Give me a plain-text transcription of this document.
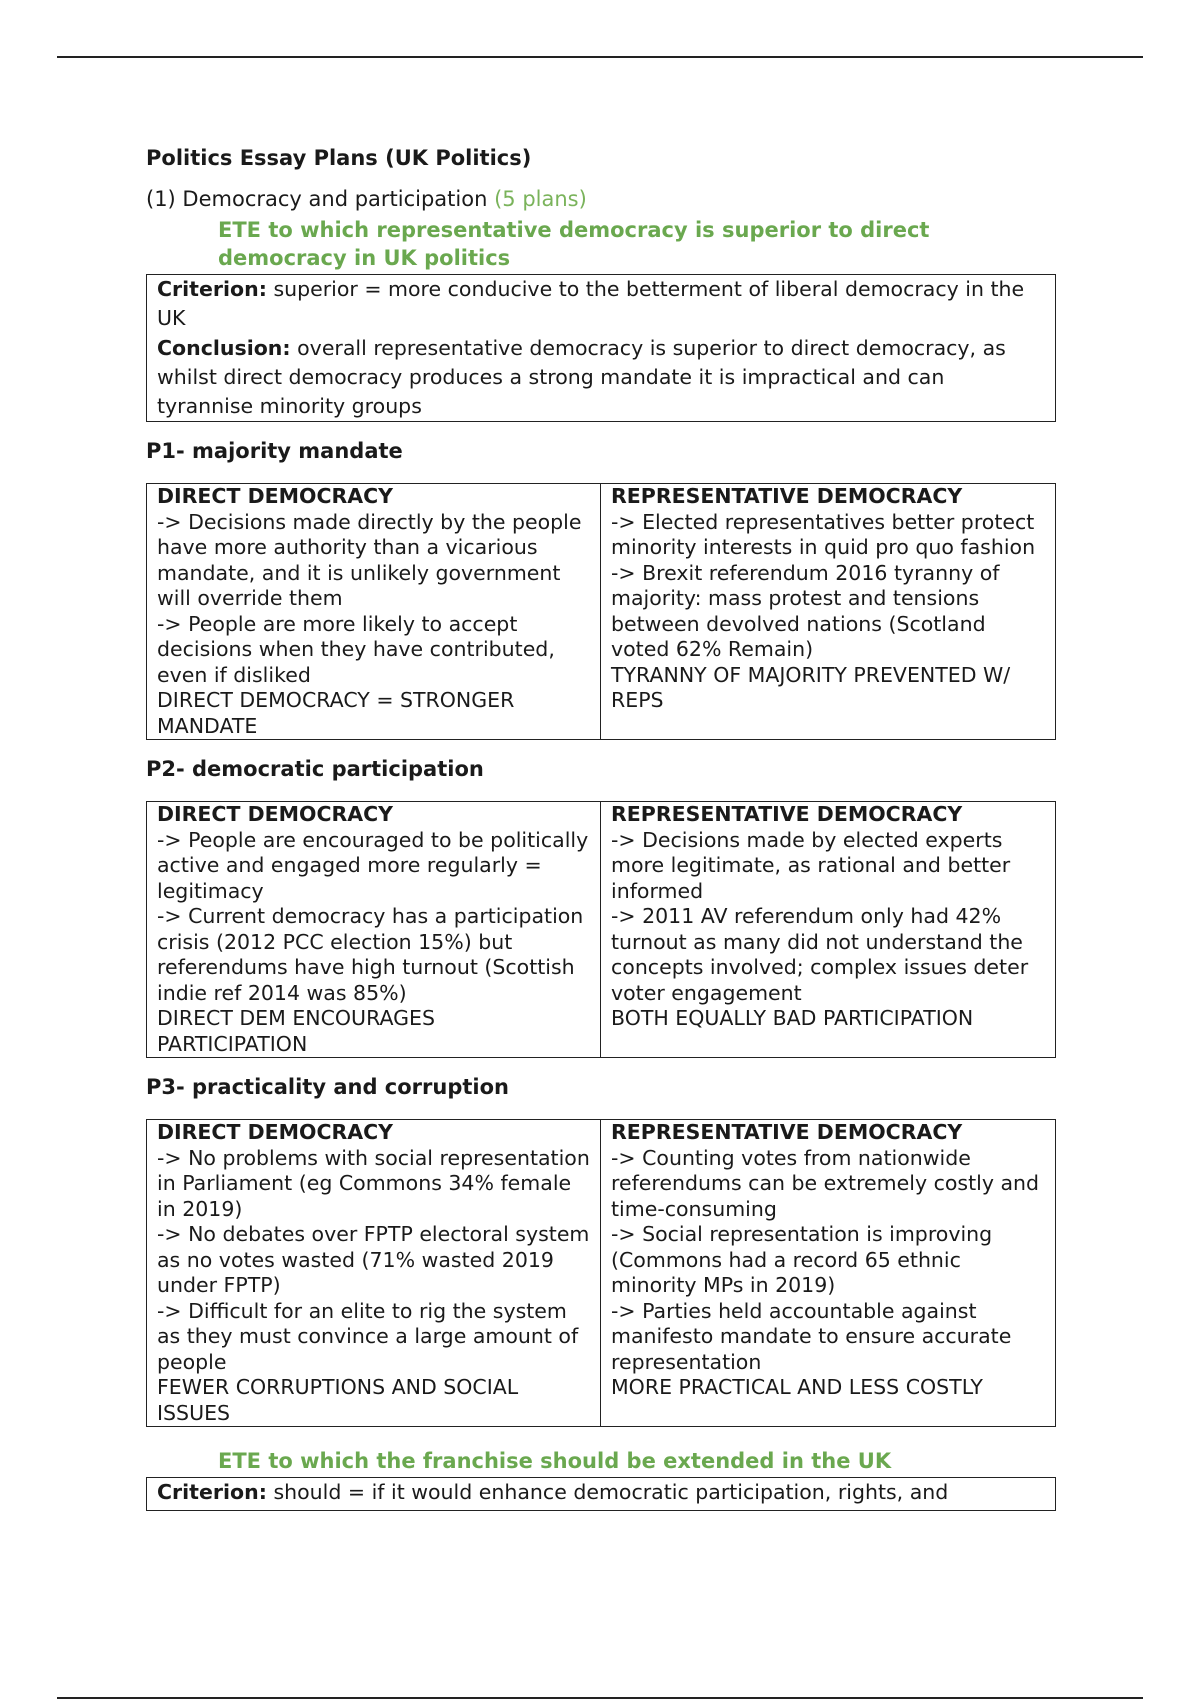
Politics Essay Plans (UK Politics)

(1) Democracy and participation (5 plans)

ETE to which representative democracy is superior to direct democracy in UK politics

Criterion: superior = more conducive to the betterment of liberal democracy in the UK

Conclusion: overall representative democracy is superior to direct democracy, as whilst direct democracy produces a strong mandate it is impractical and can tyrannise minority groups

P1- majority mandate

DIRECT DEMOCRACY
-> Decisions made directly by the people have more authority than a vicarious mandate, and it is unlikely government will override them
-> People are more likely to accept decisions when they have contributed, even if disliked
DIRECT DEMOCRACY = STRONGER MANDATE
REPRESENTATIVE DEMOCRACY
-> Elected representatives better protect minority interests in quid pro quo fashion
-> Brexit referendum 2016 tyranny of majority: mass protest and tensions between devolved nations (Scotland voted 62% Remain)
TYRANNY OF MAJORITY PREVENTED W/ REPS

P2- democratic participation

DIRECT DEMOCRACY
-> People are encouraged to be politically active and engaged more regularly = legitimacy
-> Current democracy has a participation crisis (2012 PCC election 15%) but referendums have high turnout (Scottish indie ref 2014 was 85%)
DIRECT DEM ENCOURAGES PARTICIPATION
REPRESENTATIVE DEMOCRACY
-> Decisions made by elected experts more legitimate, as rational and better informed
-> 2011 AV referendum only had 42% turnout as many did not understand the concepts involved; complex issues deter voter engagement
BOTH EQUALLY BAD PARTICIPATION

P3- practicality and corruption

DIRECT DEMOCRACY
-> No problems with social representation in Parliament (eg Commons 34% female in 2019)
-> No debates over FPTP electoral system as no votes wasted (71% wasted 2019 under FPTP)
-> Difficult for an elite to rig the system as they must convince a large amount of people
FEWER CORRUPTIONS AND SOCIAL ISSUES
REPRESENTATIVE DEMOCRACY
-> Counting votes from nationwide referendums can be extremely costly and time-consuming
-> Social representation is improving (Commons had a record 65 ethnic minority MPs in 2019)
-> Parties held accountable against manifesto mandate to ensure accurate representation
MORE PRACTICAL AND LESS COSTLY
ETE to which the franchise should be extended in the UK

Criterion: should = if it would enhance democratic participation, rights, and
